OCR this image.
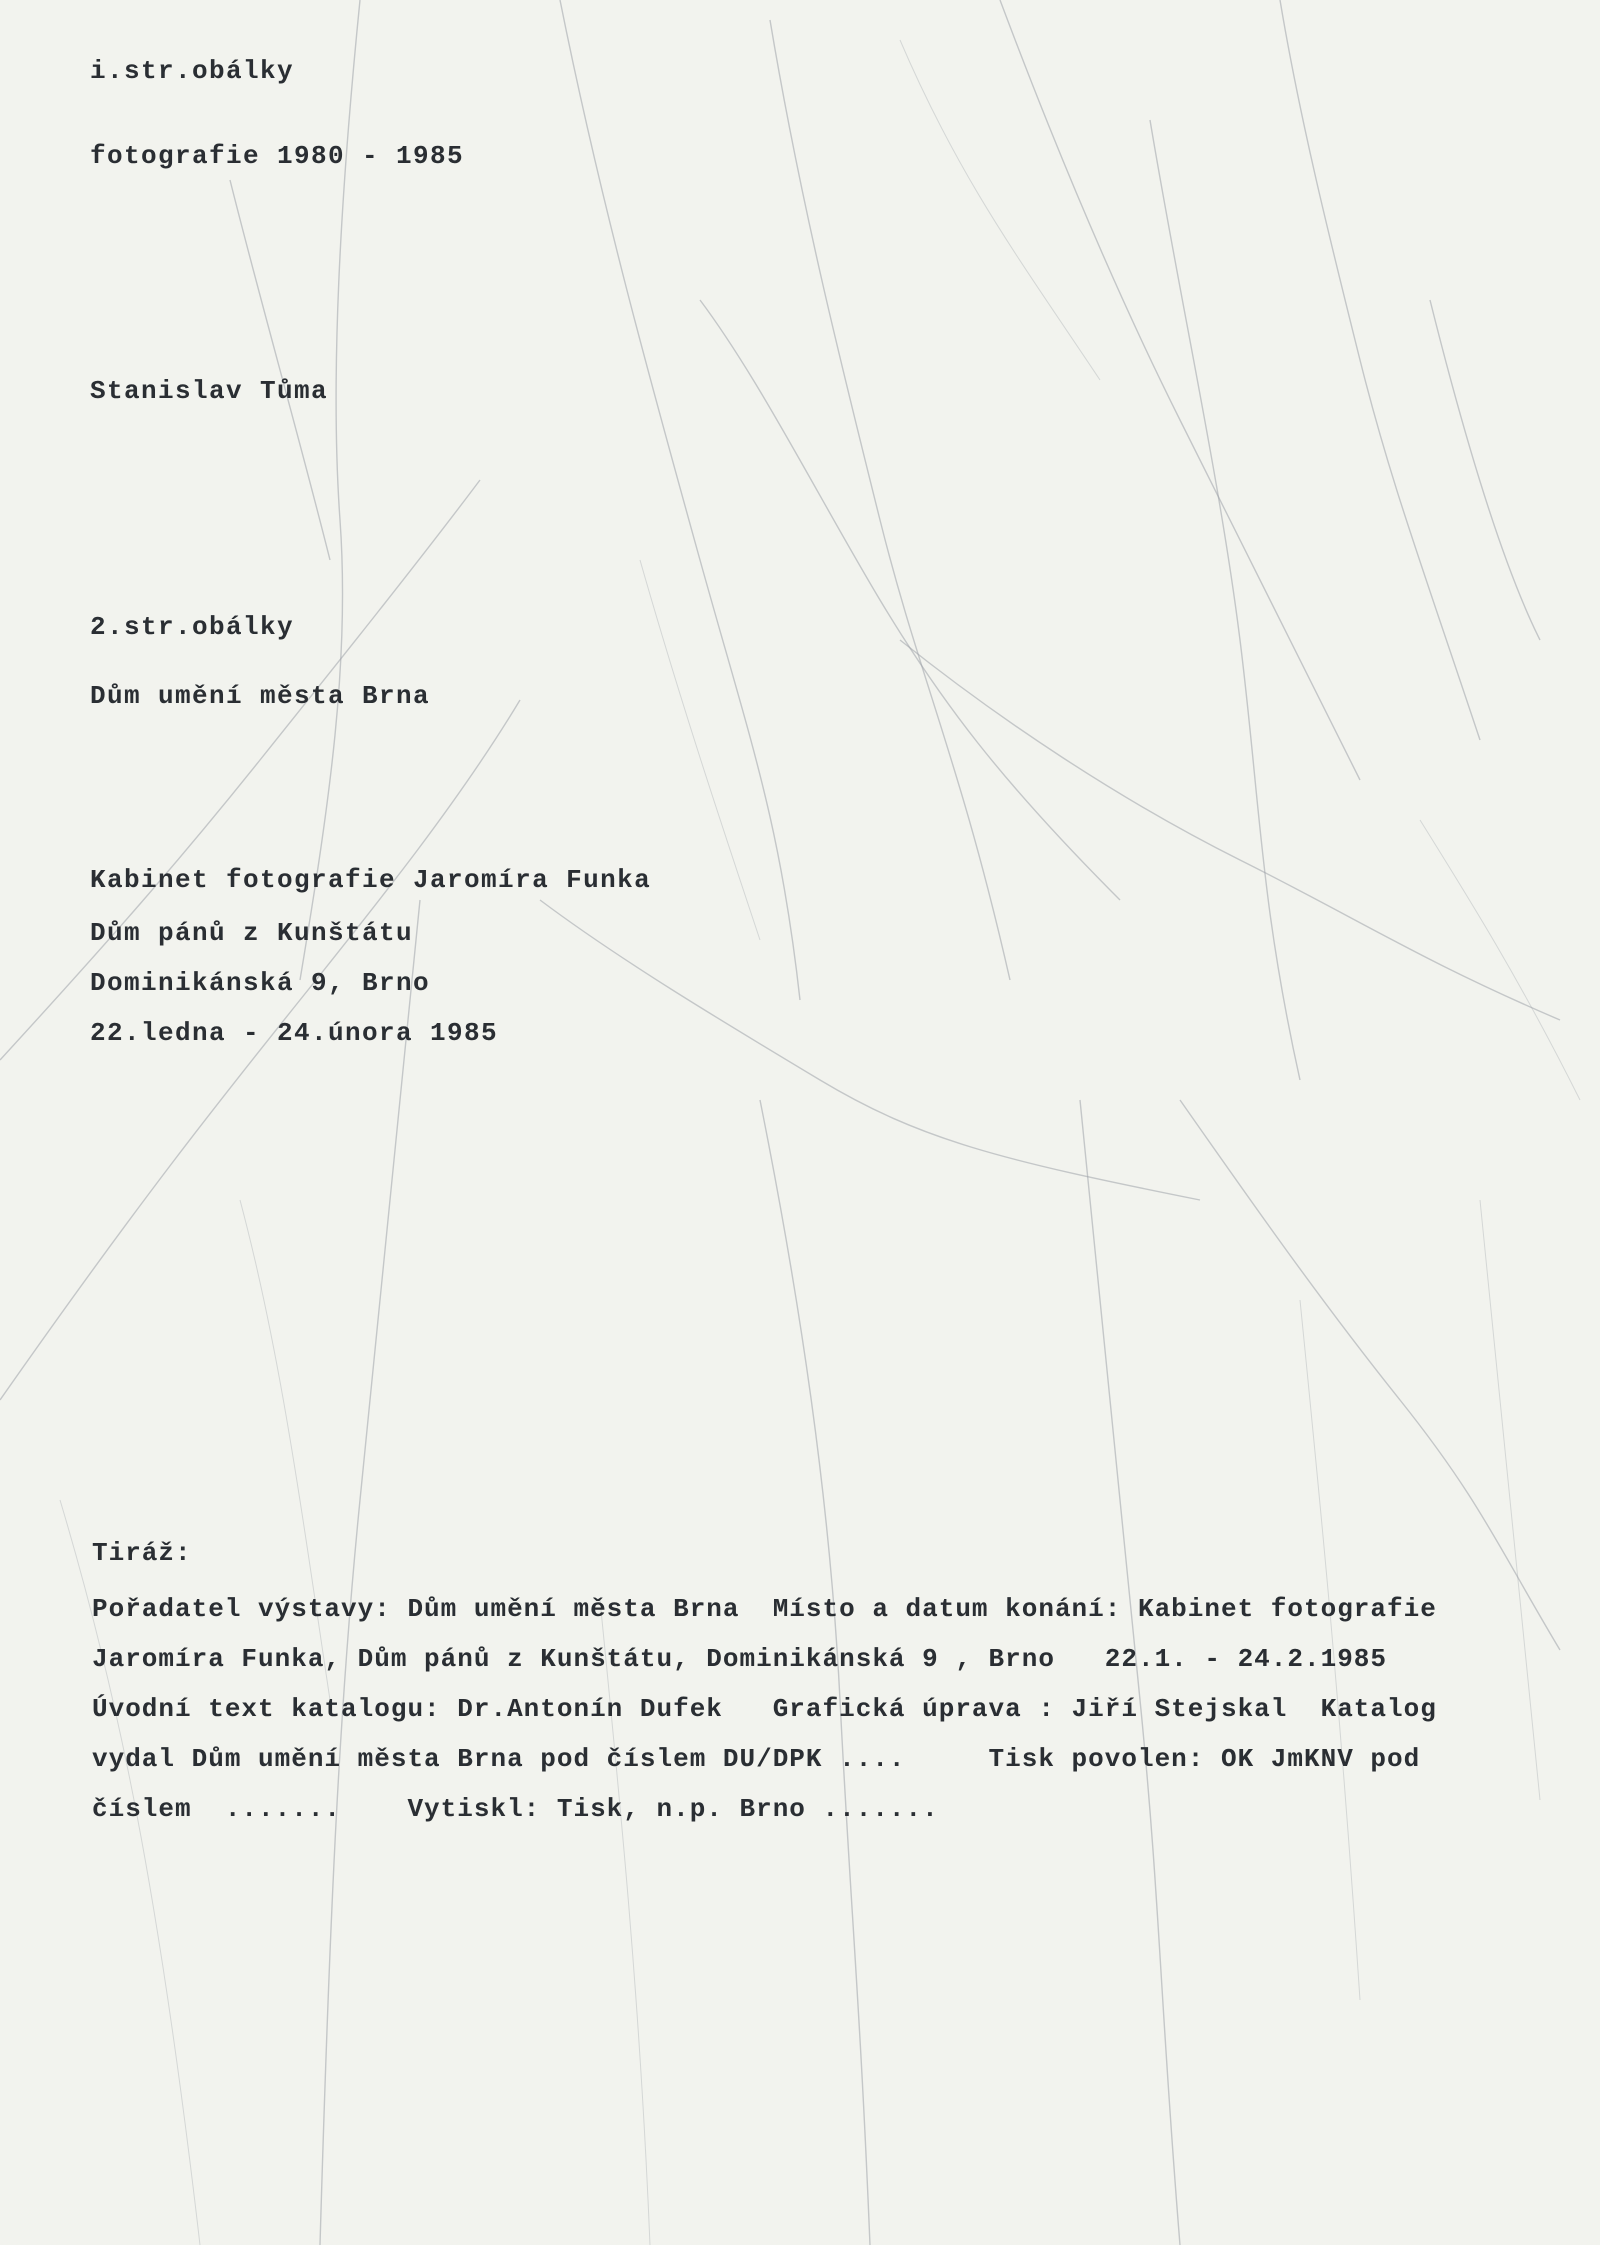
i.str.obálky
fotografie 1980 - 1985
Stanislav Tůma
2.str.obálky
Dům umění města Brna
Kabinet fotografie Jaromíra Funka
Dům pánů z Kunštátu
Dominikánská 9, Brno
22.ledna - 24.února 1985
Tiráž:
Pořadatel výstavy: Dům umění města Brna  Místo a datum konání: Kabinet fotografie
Jaromíra Funka, Dům pánů z Kunštátu, Dominikánská 9 , Brno   22.1. - 24.2.1985
Úvodní text katalogu: Dr.Antonín Dufek   Grafická úprava : Jiří Stejskal  Katalog
vydal Dům umění města Brna pod číslem DU/DPK ....     Tisk povolen: OK JmKNV pod
číslem  .......    Vytiskl: Tisk, n.p. Brno .......
